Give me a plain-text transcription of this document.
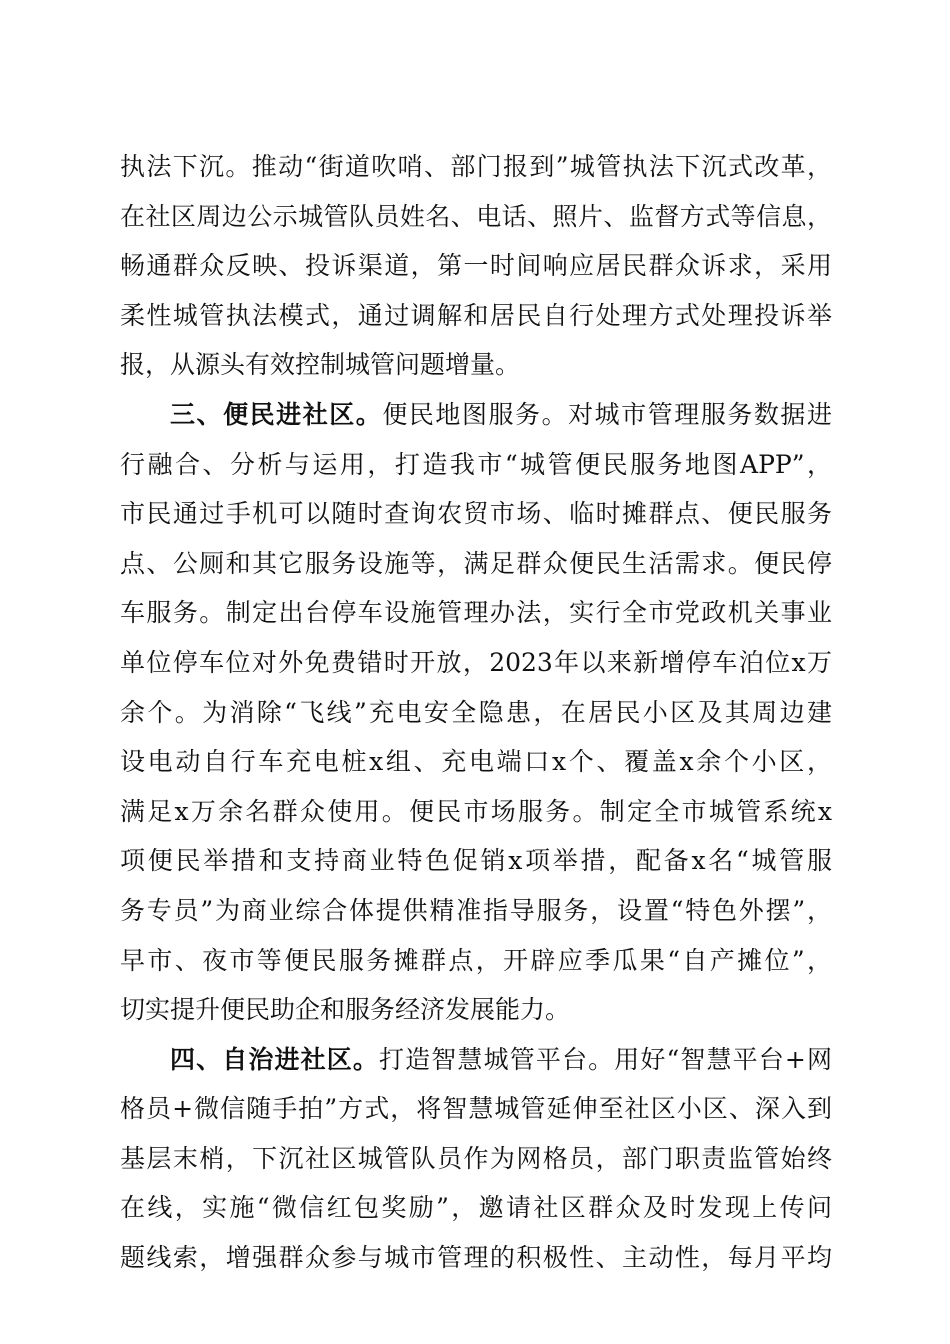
执法下沉。推动“街道吹哨、部门报到”城管执法下沉式改革，
在社区周边公示城管队员姓名、电话、照片、监督方式等信息，
畅通群众反映、投诉渠道，第一时间响应居民群众诉求，采用
柔性城管执法模式，通过调解和居民自行处理方式处理投诉举
报，从源头有效控制城管问题增量。
三、便民进社区。便民地图服务。对城市管理服务数据进
行融合、分析与运用，打造我市“城管便民服务地图APP”，
市民通过手机可以随时查询农贸市场、临时摊群点、便民服务
点、公厕和其它服务设施等，满足群众便民生活需求。便民停
车服务。制定出台停车设施管理办法，实行全市党政机关事业
单位停车位对外免费错时开放，2023年以来新增停车泊位x万
余个。为消除“飞线”充电安全隐患，在居民小区及其周边建
设电动自行车充电桩x组、充电端口x个、覆盖x余个小区，
满足x万余名群众使用。便民市场服务。制定全市城管系统x
项便民举措和支持商业特色促销x项举措，配备x名“城管服
务专员”为商业综合体提供精准指导服务，设置“特色外摆”，
早市、夜市等便民服务摊群点，开辟应季瓜果“自产摊位”，
切实提升便民助企和服务经济发展能力。
四、自治进社区。打造智慧城管平台。用好“智慧平台+网
格员+微信随手拍”方式，将智慧城管延伸至社区小区、深入到
基层末梢，下沉社区城管队员作为网格员，部门职责监管始终
在线，实施“微信红包奖励”，邀请社区群众及时发现上传问
题线索，增强群众参与城市管理的积极性、主动性，每月平均
